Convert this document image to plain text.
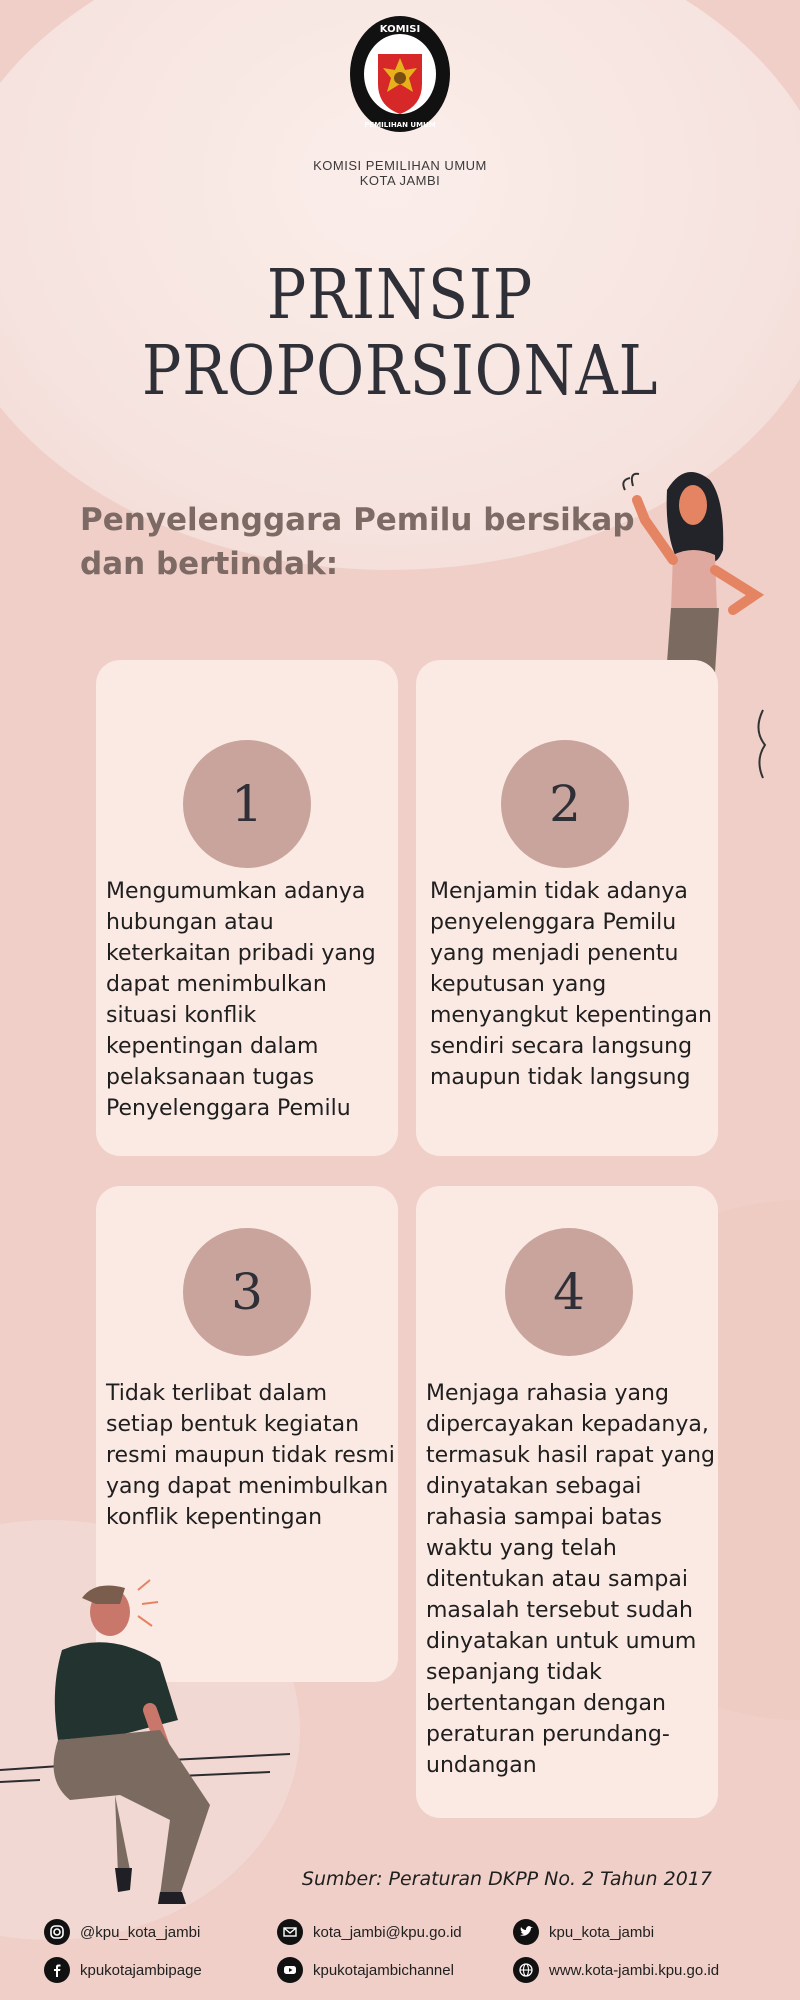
KOMISI
PEMILIHAN UMUM
KOMISI PEMILIHAN UMUM
KOTA JAMBI
PRINSIP
PROPORSIONAL
Penyelenggara Pemilu bersikap
dan bertindak:
1
Mengumumkan adanya hubungan atau keterkaitan pribadi yang dapat menimbulkan situasi konflik kepentingan dalam pelaksanaan tugas Penyelenggara Pemilu
2
Menjamin tidak adanya penyelenggara Pemilu yang menjadi penentu keputusan yang menyangkut kepentingan sendiri secara langsung maupun tidak langsung
3
Tidak terlibat dalam setiap bentuk kegiatan resmi maupun tidak resmi yang dapat menimbulkan konflik kepentingan
4
Menjaga rahasia yang dipercayakan kepadanya, termasuk hasil rapat yang dinyatakan sebagai rahasia sampai batas waktu yang telah ditentukan atau sampai masalah tersebut sudah dinyatakan untuk umum sepanjang tidak bertentangan dengan peraturan perundang-undangan
Sumber: Peraturan DKPP No. 2 Tahun 2017
@kpu_kota_jambi	kota_jambi@kpu.go.id	kpu_kota_jambi
kpukotajambipage	kpukotajambichannel	www.kota-jambi.kpu.go.id
